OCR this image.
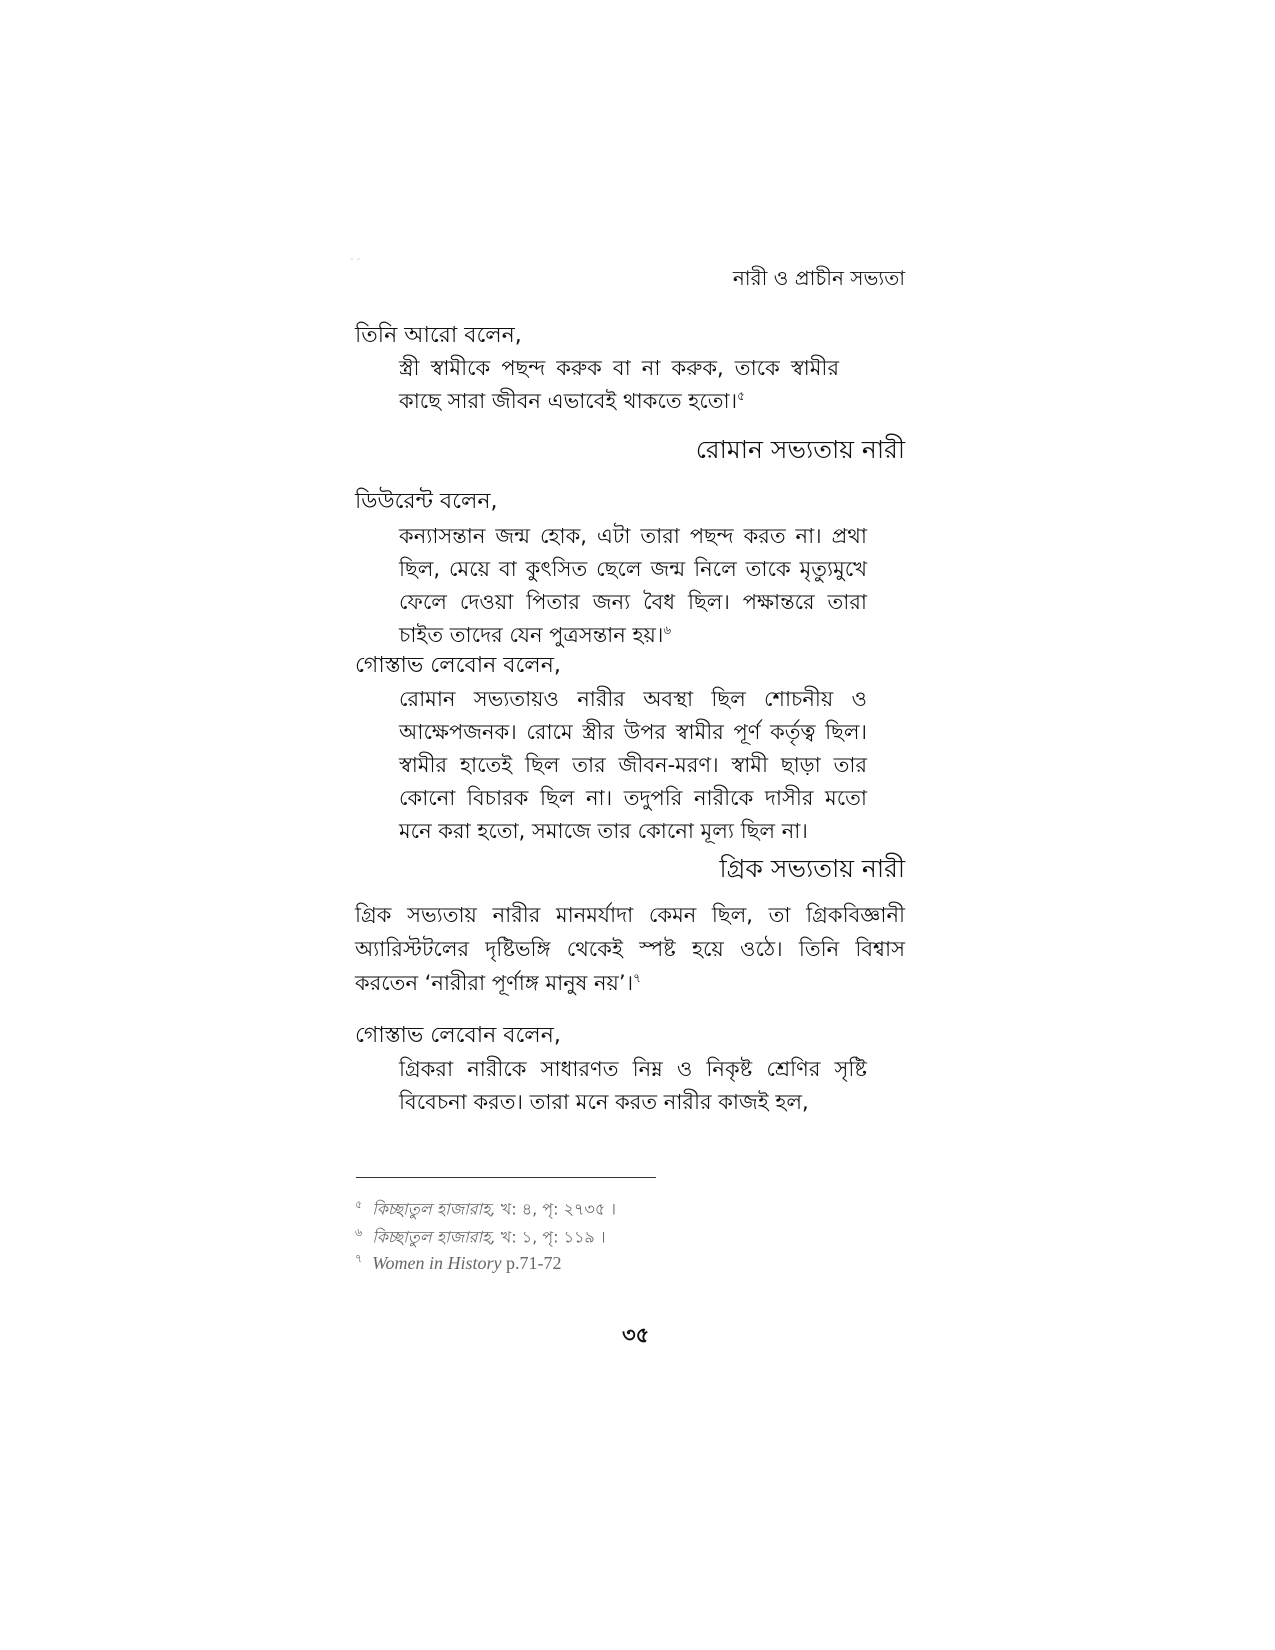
- -
নারী ও প্রাচীন সভ্যতা
তিনি আরো বলেন,
স্ত্রী স্বামীকে পছন্দ করুক বা না করুক, তাকে স্বামীর কাছে সারা জীবন এভাবেই থাকতে হতো।$^৫$
রোমান সভ্যতায় নারী
ডিউরেন্ট বলেন,
কন্যাসন্তান জন্ম হোক, এটা তারা পছন্দ করত না। প্রথা ছিল, মেয়ে বা কুৎসিত ছেলে জন্ম নিলে তাকে মৃত্যুমুখে ফেলে দেওয়া পিতার জন্য বৈধ ছিল। পক্ষান্তরে তারা চাইত তাদের যেন পুত্রসন্তান হয়।$^৬$
গোস্তাভ লেবোন বলেন,
রোমান সভ্যতায়ও নারীর অবস্থা ছিল শোচনীয় ও আক্ষেপজনক। রোমে স্ত্রীর উপর স্বামীর পূর্ণ কর্তৃত্ব ছিল। স্বামীর হাতেই ছিল তার জীবন-মরণ। স্বামী ছাড়া তার কোনো বিচারক ছিল না। তদুপরি নারীকে দাসীর মতো মনে করা হতো, সমাজে তার কোনো মূল্য ছিল না।
গ্রিক সভ্যতায় নারী
গ্রিক সভ্যতায় নারীর মানমর্যাদা কেমন ছিল, তা গ্রিকবিজ্ঞানী অ্যারিস্টটলের দৃষ্টিভঙ্গি থেকেই স্পষ্ট হয়ে ওঠে। তিনি বিশ্বাস করতেন ‘নারীরা পূর্ণাঙ্গ মানুষ নয়’।$^৭$
গোস্তাভ লেবোন বলেন,
গ্রিকরা নারীকে সাধারণত নিম্ন ও নিকৃষ্ট শ্রেণির সৃষ্টি বিবেচনা করত। তারা মনে করত নারীর কাজই হল,
$^৫$ কিচ্ছাতুল হাজারাহ, খ: ৪, পৃ: ২৭৩৫ ।
$^৬$ কিচ্ছাতুল হাজারাহ, খ: ১, পৃ: ১১৯ ।
$^৭$ Women in History p.71-72
৩৫
